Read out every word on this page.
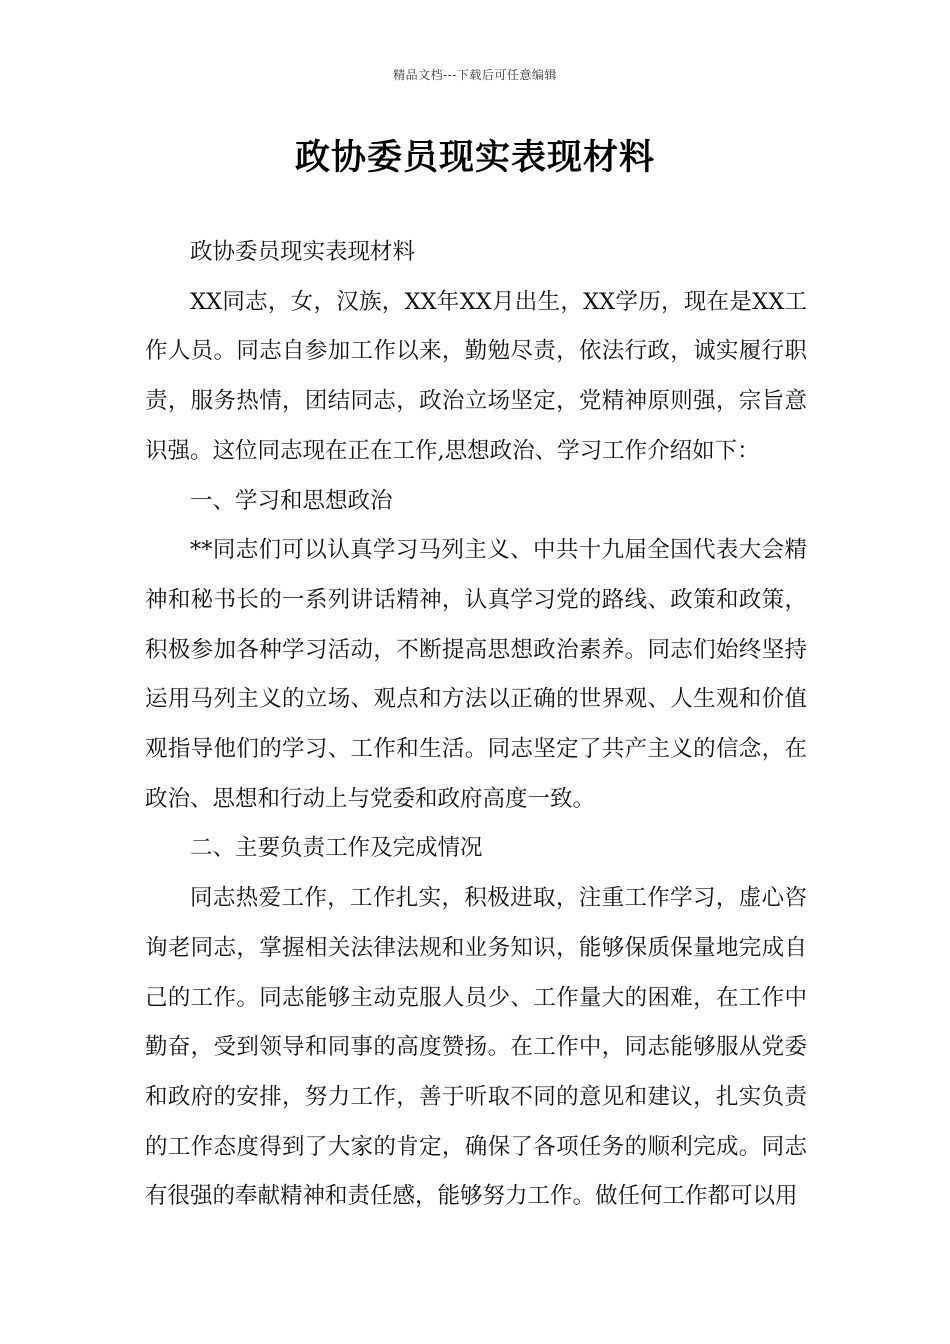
精品文档---下载后可任意编辑
政协委员现实表现材料

政协委员现实表现材料

XX同志，女，汉族，XX年XX月出生，XX学历，现在是XX工作人员。同志自参加工作以来，勤勉尽责，依法行政，诚实履行职责，服务热情，团结同志，政治立场坚定，党精神原则强，宗旨意识强。这位同志现在正在工作,思想政治、学习工作介绍如下：

一、学习和思想政治

**同志们可以认真学习马列主义、中共十九届全国代表大会精神和秘书长的一系列讲话精神，认真学习党的路线、政策和政策，积极参加各种学习活动，不断提高思想政治素养。同志们始终坚持运用马列主义的立场、观点和方法以正确的世界观、人生观和价值观指导他们的学习、工作和生活。同志坚定了共产主义的信念，在政治、思想和行动上与党委和政府高度一致。

二、主要负责工作及完成情况

同志热爱工作，工作扎实，积极进取，注重工作学习，虚心咨询老同志，掌握相关法律法规和业务知识，能够保质保量地完成自己的工作。同志能够主动克服人员少、工作量大的困难，在工作中勤奋，受到领导和同事的高度赞扬。在工作中，同志能够服从党委和政府的安排，努力工作，善于听取不同的意见和建议，扎实负责的工作态度得到了大家的肯定，确保了各项任务的顺利完成。同志有很强的奉献精神和责任感，能够努力工作。做任何工作都可以用
